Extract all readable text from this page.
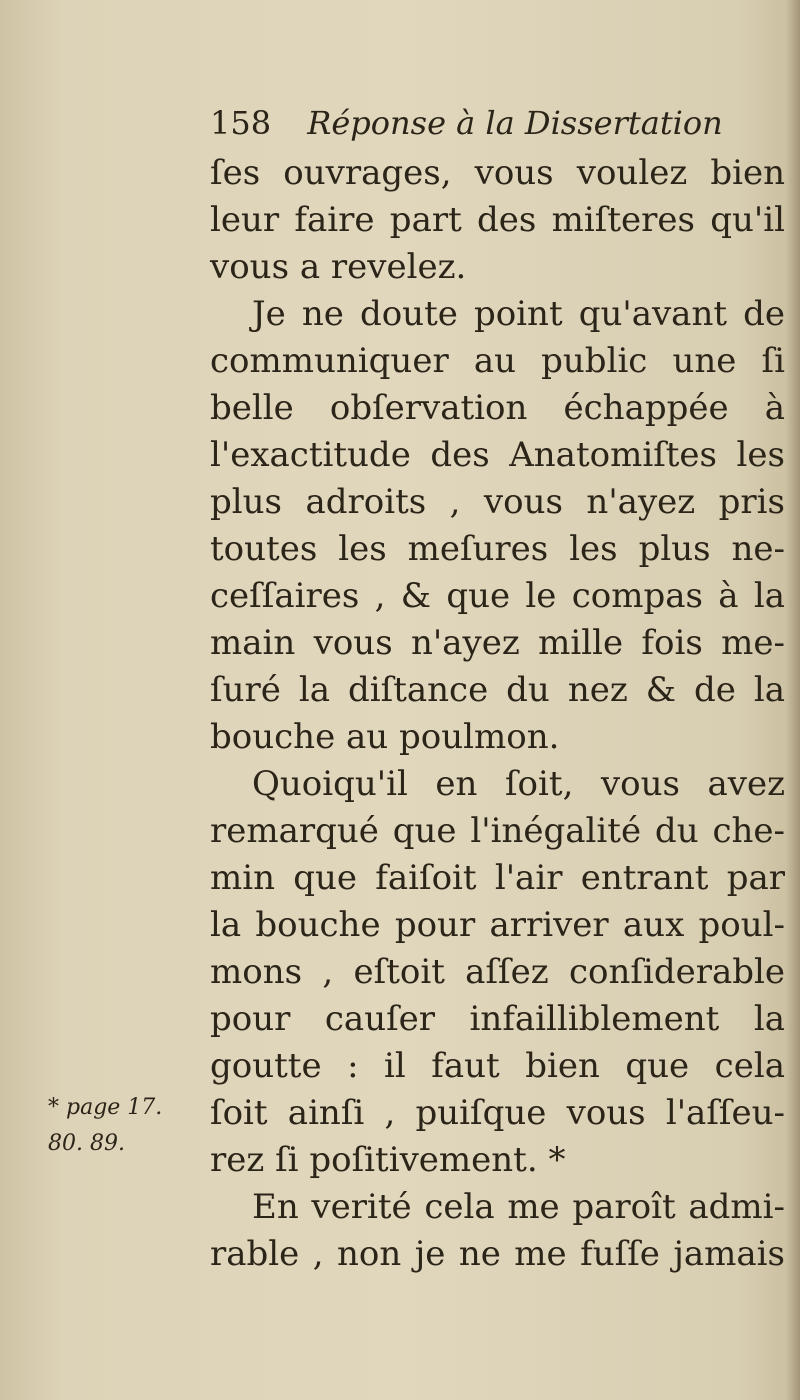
158 Réponse à la Dissertation
ſes ouvrages, vous voulez bien
leur faire part des miſteres qu'il
vous a revelez.
Je ne doute point qu'avant de
communiquer au public une ſi
belle obſervation échappée à
l'exactitude des Anatomiſtes les
plus adroits , vous n'ayez pris
toutes les meſures les plus ne-
ceſſaires , & que le compas à la
main vous n'ayez mille fois me-
ſuré la diſtance du nez & de la
bouche au poulmon.
Quoiqu'il en ſoit, vous avez
remarqué que l'inégalité du che-
min que faiſoit l'air entrant par
la bouche pour arriver aux poul-
mons , eſtoit aſſez conſiderable
pour cauſer infailliblement la
goutte : il faut bien que cela
ſoit ainſi , puiſque vous l'aſſeu-
rez ſi poſitivement. *
En verité cela me paroît admi-
rable , non je ne me fuſſe jamais
* page 17.
80. 89.
